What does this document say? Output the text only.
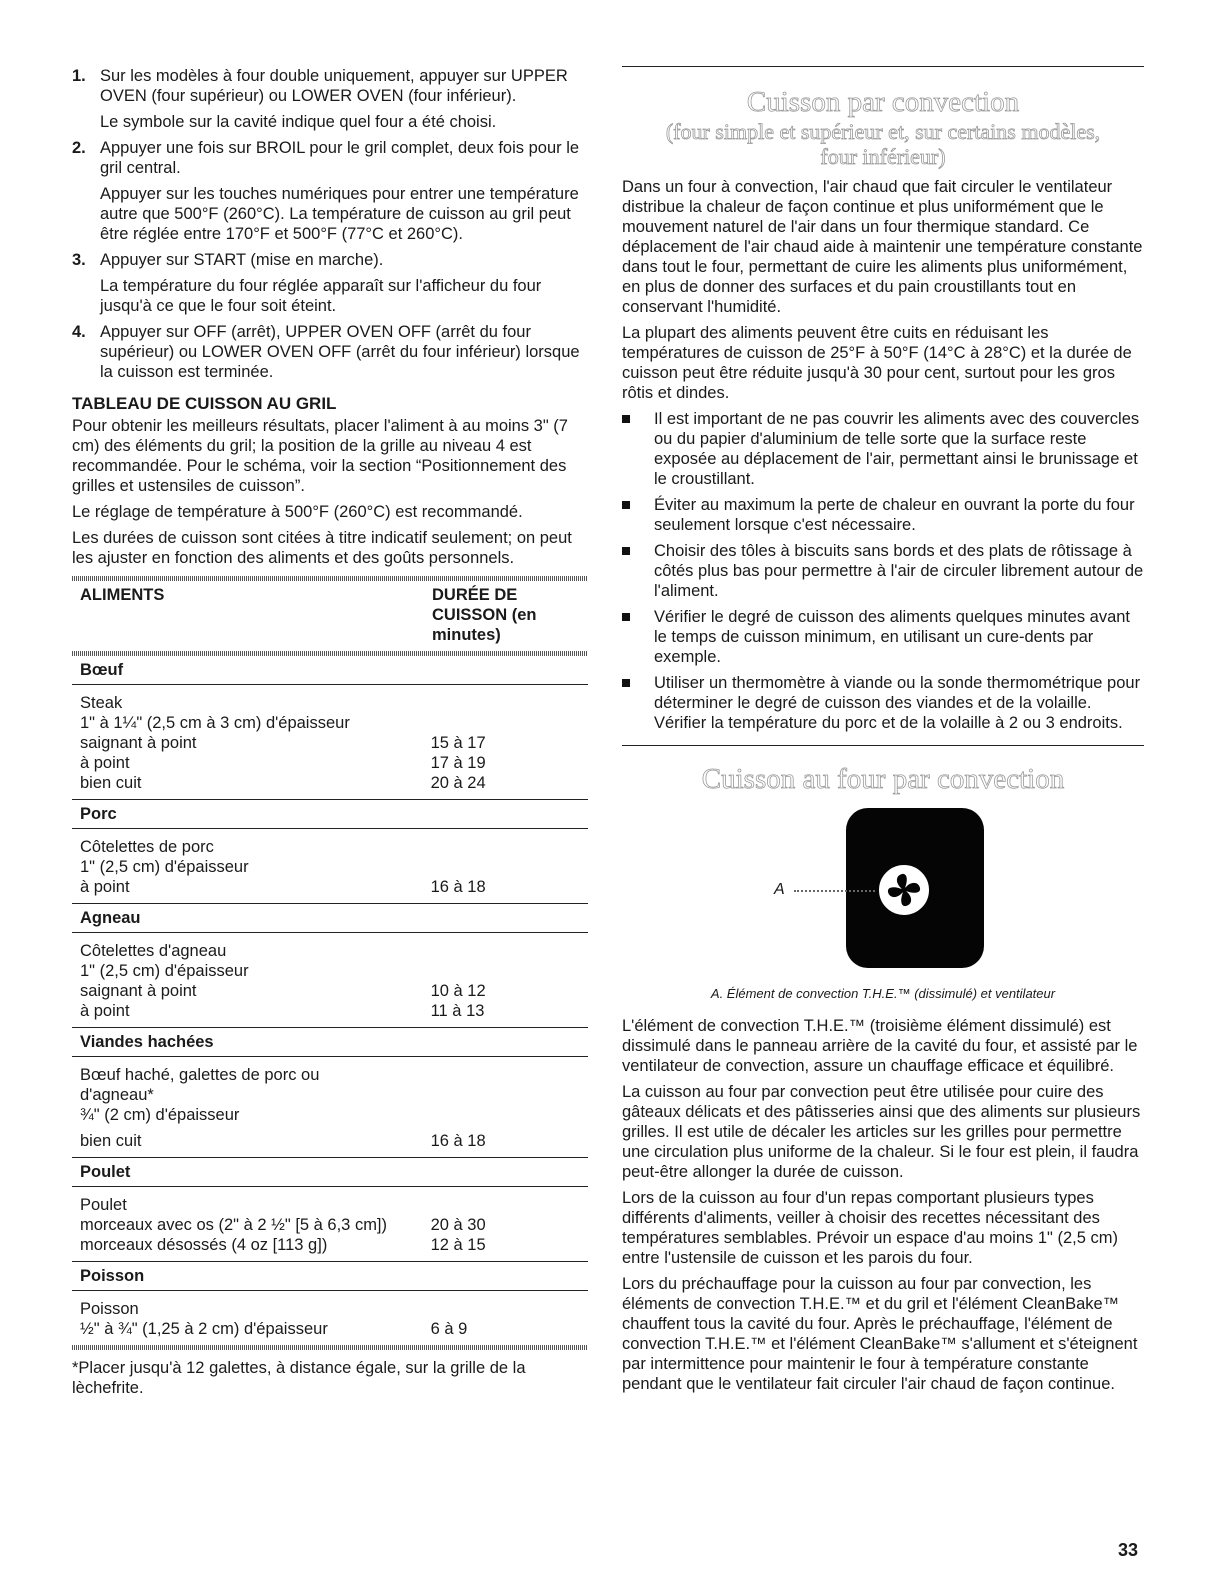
1. Sur les modèles à four double uniquement, appuyer sur UPPER OVEN (four supérieur) ou LOWER OVEN (four inférieur).

Le symbole sur la cavité indique quel four a été choisi.

2. Appuyer une fois sur BROIL pour le gril complet, deux fois pour le gril central.

Appuyer sur les touches numériques pour entrer une température autre que 500°F (260°C). La température de cuisson au gril peut être réglée entre 170°F et 500°F (77°C et 260°C).

3. Appuyer sur START (mise en marche).

La température du four réglée apparaît sur l'afficheur du four jusqu'à ce que le four soit éteint.

4. Appuyer sur OFF (arrêt), UPPER OVEN OFF (arrêt du four supérieur) ou LOWER OVEN OFF (arrêt du four inférieur) lorsque la cuisson est terminée.

TABLEAU DE CUISSON AU GRIL

Pour obtenir les meilleurs résultats, placer l'aliment à au moins 3" (7 cm) des éléments du gril; la position de la grille au niveau 4 est recommandée. Pour le schéma, voir la section “Positionnement des grilles et ustensiles de cuisson”.

Le réglage de température à 500°F (260°C) est recommandé.

Les durées de cuisson sont citées à titre indicatif seulement; on peut les ajuster en fonction des aliments et des goûts personnels.

ALIMENTS	DURÉE DE CUISSON (en minutes)
Bœuf
Steak
1" à 1¼" (2,5 cm à 3 cm) d'épaisseur
saignant à point	15 à 17
à point	17 à 19
bien cuit	20 à 24
Porc
Côtelettes de porc
1" (2,5 cm) d'épaisseur
à point	16 à 18
Agneau
Côtelettes d'agneau
1" (2,5 cm) d'épaisseur
saignant à point	10 à 12
à point	11 à 13
Viandes hachées
Bœuf haché, galettes de porc ou
d'agneau*
¾" (2 cm) d'épaisseur
bien cuit	16 à 18
Poulet
Poulet
morceaux avec os (2" à 2 ½" [5 à 6,3 cm])	20 à 30
morceaux désossés (4 oz [113 g])	12 à 15
Poisson
Poisson
½" à ¾" (1,25 à 2 cm) d'épaisseur	6 à 9

*Placer jusqu'à 12 galettes, à distance égale, sur la grille de la lèchefrite.

Cuisson par convection
(four simple et supérieur et, sur certains modèles,
four inférieur)

Dans un four à convection, l'air chaud que fait circuler le ventilateur distribue la chaleur de façon continue et plus uniformément que le mouvement naturel de l'air dans un four thermique standard. Ce déplacement de l'air chaud aide à maintenir une température constante dans tout le four, permettant de cuire les aliments plus uniformément, en plus de donner des surfaces et du pain croustillants tout en conservant l'humidité.

La plupart des aliments peuvent être cuits en réduisant les températures de cuisson de 25°F à 50°F (14°C à 28°C) et la durée de cuisson peut être réduite jusqu'à 30 pour cent, surtout pour les gros rôtis et dindes.

Il est important de ne pas couvrir les aliments avec des couvercles ou du papier d'aluminium de telle sorte que la surface reste exposée au déplacement de l'air, permettant ainsi le brunissage et le croustillant.
Éviter au maximum la perte de chaleur en ouvrant la porte du four seulement lorsque c'est nécessaire.
Choisir des tôles à biscuits sans bords et des plats de rôtissage à côtés plus bas pour permettre à l'air de circuler librement autour de l'aliment.
Vérifier le degré de cuisson des aliments quelques minutes avant le temps de cuisson minimum, en utilisant un cure-dents par exemple.
Utiliser un thermomètre à viande ou la sonde thermométrique pour déterminer le degré de cuisson des viandes et de la volaille. Vérifier la température du porc et de la volaille à 2 ou 3 endroits.
Cuisson au four par convection
A

A. Élément de convection T.H.E.™ (dissimulé) et ventilateur

L'élément de convection T.H.E.™ (troisième élément dissimulé) est dissimulé dans le panneau arrière de la cavité du four, et assisté par le ventilateur de convection, assure un chauffage efficace et équilibré.

La cuisson au four par convection peut être utilisée pour cuire des gâteaux délicats et des pâtisseries ainsi que des aliments sur plusieurs grilles. Il est utile de décaler les articles sur les grilles pour permettre une circulation plus uniforme de la chaleur. Si le four est plein, il faudra peut-être allonger la durée de cuisson.

Lors de la cuisson au four d'un repas comportant plusieurs types différents d'aliments, veiller à choisir des recettes nécessitant des températures semblables. Prévoir un espace d'au moins 1" (2,5 cm) entre l'ustensile de cuisson et les parois du four.

Lors du préchauffage pour la cuisson au four par convection, les éléments de convection T.H.E.™ et du gril et l'élément CleanBake™ chauffent tous la cavité du four. Après le préchauffage, l'élément de convection T.H.E.™ et l'élément CleanBake™ s'allument et s'éteignent par intermittence pour maintenir le four à température constante pendant que le ventilateur fait circuler l'air chaud de façon continue.

33
